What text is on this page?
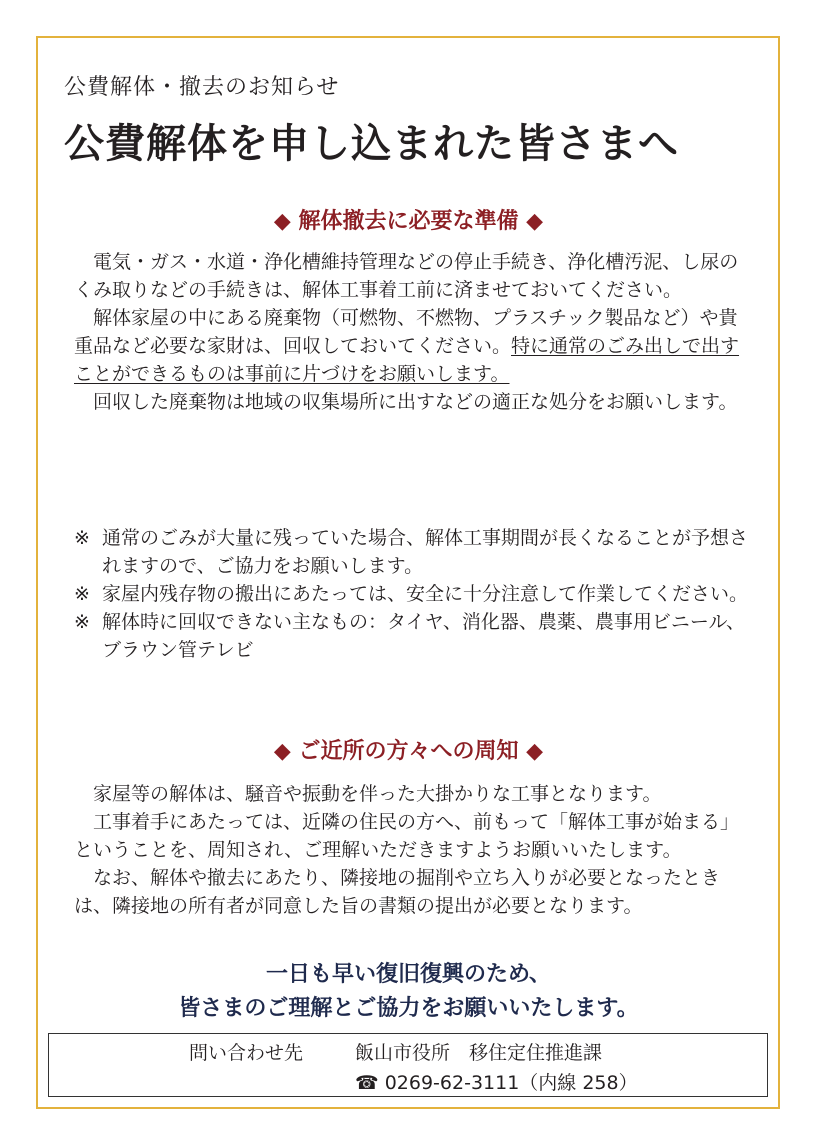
公費解体・撤去のお知らせ
公費解体を申し込まれた皆さまへ
◆ 解体撤去に必要な準備 ◆

電気・ガス・水道・浄化槽維持管理などの停止手続き、浄化槽汚泥、し尿のくみ取りなどの手続きは、解体工事着工前に済ませておいてください。

解体家屋の中にある廃棄物（可燃物、不燃物、プラスチック製品など）や貴重品など必要な家財は、回収しておいてください。特に通常のごみ出しで出すことができるものは事前に片づけをお願いします。

回収した廃棄物は地域の収集場所に出すなどの適正な処分をお願いします。

※ 通常のごみが大量に残っていた場合、解体工事期間が長くなることが予想されますので、ご協力をお願いします。

※ 家屋内残存物の搬出にあたっては、安全に十分注意して作業してください。

※ 解体時に回収できない主なもの：タイヤ、消化器、農薬、農事用ビニール、ブラウン管テレビ

◆ ご近所の方々への周知 ◆

家屋等の解体は、騒音や振動を伴った大掛かりな工事となります。

工事着手にあたっては、近隣の住民の方へ、前もって「解体工事が始まる」ということを、周知され、ご理解いただきますようお願いいたします。

なお、解体や撤去にあたり、隣接地の掘削や立ち入りが必要となったときは、隣接地の所有者が同意した旨の書類の提出が必要となります。

一日も早い復旧復興のため、
皆さまのご理解とご協力をお願いいたします。
問い合わせ先	飯山市役所　移住定住推進課
☎ 0269-62-3111（内線 258）
